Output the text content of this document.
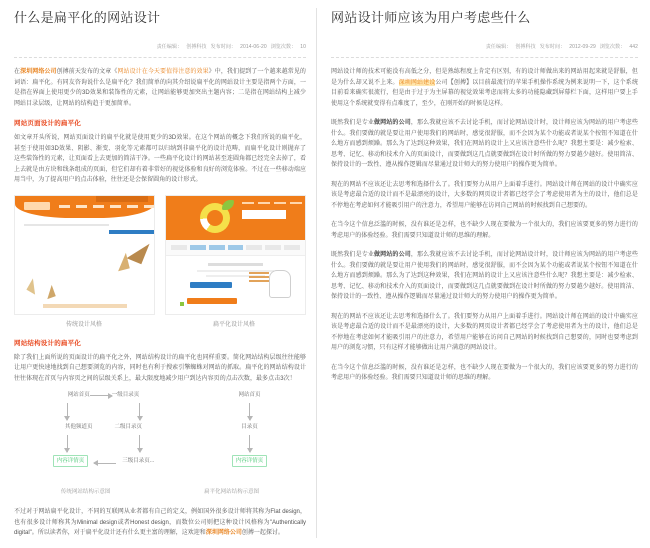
什么是扁平化的网站设计
责任编辑： 创搏科技 发布时间： 2014-06-20 浏览次数： 10

在深圳网络公司创搏前天发布的文章《网站设计在今天要值得注意的效果》中，我们提到了一个越来越常见的词语：扁平化。有同友咨询说什么是扁平化？我们简单的向其介绍说扁平化的网站设计主要是指两个方面，一是指在界面上使用更少的3D效果和装饰性的元素，让网站能够更加突出主题内容；二是指在网站结构上减少网站目录层级，让网站的结构趋于更加简单。

网站页面设计的扁平化

如文章开头所说，网站页面设计的扁平化就是使用更少的3D效果。在这个网站的概念下我们所说的扁平化，甚至于使用如3D效果、阴影、渐变、羽化等元素都可以归纳到非扁平化的设计范畴，而扁平化设计则抛弃了这些装饰性的元素，让页面看上去更加的简洁干净。一些扁平化设计的网站甚至连圆角都已经完全去掉了，看上去就是由方块和线条组成的页面，但它们却有着非常好的视觉体验和良好的浏览体验。不过在一些移动端应用当中，为了提高用户的点击体验，往往还是会保留圆角的设计形式。

传统设计风格	扁平化设计风格
网站结构设计的扁平化

除了我们上面所说的页面设计的扁平化之外，网站结构设计的扁平化也同样重要。简化网站结构层级往往能够让用户更快速地找到自己想要浏览的内容，同时也有利于搜索引擎蜘蛛对网站的抓取。扁平化的网站结构设计往往体现在首页与内容页之间的层级关系上，最大限度地减少用户到达内容页的点击次数，最多点击3次！

网站首页	一级目录页
其他频道页	二级目录页
内容详情页	三级目录页...
网站首页
目录页
内容详情页
传统网站结构示意图	扁平化网站结构示意图

不过对于网站扁平化设计，不同的互联网从业者都有自己的定义，例如国外很多设计师将其称为Flat design，也有很多设计师称其为Minimal design或者Honest design，而数位公司则把这种设计风格称为"Authentically digital"。所以读者你，对于扁平化设计还有什么更主富的理解，这欢迎和深圳网络公司创搏一起探讨。

网站设计师应该为用户考虑些什么
责任编辑： 创搏科技 发布时间： 2012-09-29 浏览次数： 442

网站设计师的技术可能没有高低之分，但是熟练程度上肯定有区别，有的设计师做出来的网站用起来就是舒服，但是为什么却又说不上来。深圳网站建设公司【创搏】以目前最流行的苹果手机操作系统为例来说明一下，这个系统目前看来确实很流行，但是由于过于为主屏幕的视觉效果考虑而将太多的功能隐藏到屏幕栏下面，这样用户要上手使用这个系统就变得有点难度了，至少，在刚开始的时候是这样。

既然我们是专业做网站的公司，那么我就应该不去讨论手机，而讨论网站设计时，设计师应该为网站的用户考虑些什么。我们要做的就是要让用户使用我们的网站时，感觉很舒服，而不会因为某个功能或者说某个按钮不知道在什么地方而感到烦躁。那么为了达到这种效果，我们在网站的设计上又应该注意些什么呢？我想主要是：减少检索、思考、记忆、移动和技术介入的页面设计，而要做到这几点就要做到在设计时所做的努力要越少越好。使用简洁、保持设计的一致性、遵从操作逻辑而尽量通过设计师大的努力使用户的操作更为简单。

现在的网站不应该还让去思考和选择什么了。我们要努力从用户上面着手进行。网站设计师在网站的设计中确实应该是考虑最合适的设计而不是最漂亮的设计，大多数的网页设计者都已经学会了考虑使用者为主的设计，他们总是不停地在考虑如何才能吸引用户的注意力，希望用户能够在访问自己网站的时候找到自己想要的。

在当今这个信息泛滥的时候，没有谁还是怎样，也不缺少人现在要做为一个很大的，我们应该要更多的努力进行的考虑用户的体验经验。我们需要只知道设计师的思维的理解。

既然我们是专业做网站的公司，那么我就应该不去讨论手机，而讨论网站设计时，设计师应该为网站的用户考虑些什么。我们要做的就是要让用户使用我们的网站时，感觉很舒服，而不会因为某个功能或者说某个按钮不知道在什么地方而感到烦躁。那么为了达到这种效果，我们在网站的设计上又应该注意些什么呢？我想主要是：减少检索、思考、记忆、移动和技术介入的页面设计，而要做到这几点就要做到在设计时所做的努力要越少越好。使用简洁、保持设计的一致性、遵从操作逻辑而尽量通过设计师大的努力使用户的操作更为简单。

现在的网站不应该还让去思考和选择什么了。我们要努力从用户上面着手进行。网站设计师在网站的设计中确实应该是考虑最合适的设计而不是最漂亮的设计，大多数的网页设计者都已经学会了考虑使用者为主的设计，他们总是不停地在考虑如何才能吸引用户的注意力，希望用户能够在访问自己网站的时候找到自己想要的，同时也要考虑到用户的浏览习惯，只有这样才能够做出让用户满意的网站设计。

在当今这个信息泛滥的时候，没有谁还是怎样，也不缺少人现在要做为一个很大的，我们应该要更多的努力进行的考虑用户的体验经验。我们需要只知道设计师的思维的理解。
